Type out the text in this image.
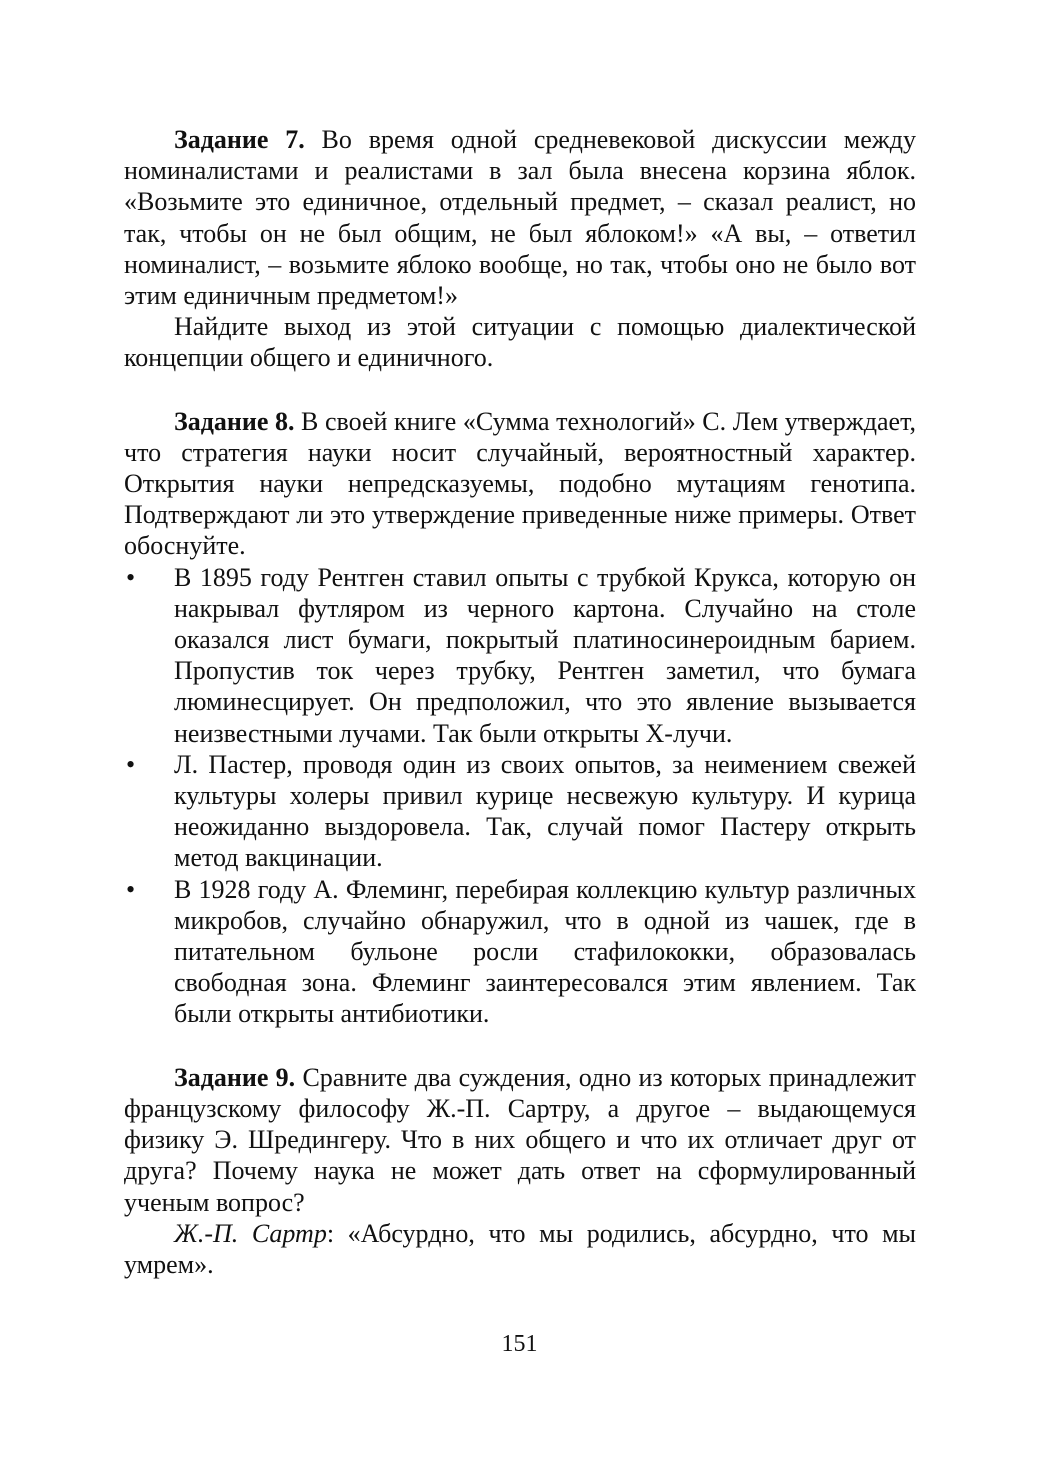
Задание 7. Во время одной средневековой дискуссии между номиналистами и реалистами в зал была внесена корзина яблок. «Возьмите это единичное, отдельный предмет, – сказал реалист, но так, чтобы он не был общим, не был яблоком!» «А вы, – ответил номиналист, – возьмите яблоко вообще, но так, чтобы оно не было вот этим единичным предметом!»

Найдите выход из этой ситуации с помощью диалектической концепции общего и единичного.

Задание 8. В своей книге «Сумма технологий» С. Лем утверждает, что стратегия науки носит случайный, вероятностный характер. Открытия науки непредсказуемы, подобно мутациям генотипа. Подтверждают ли это утверждение приведенные ниже примеры. Ответ обоснуйте.

• В 1895 году Рентген ставил опыты с трубкой Крукса, которую он накрывал футляром из черного картона. Случайно на столе оказался лист бумаги, покрытый платиносинероидным барием. Пропустив ток через трубку, Рентген заметил, что бумага люминесцирует. Он предположил, что это явление вызывается неизвестными лучами. Так были открыты X-лучи.
• Л. Пастер, проводя один из своих опытов, за неимением свежей культуры холеры привил курице несвежую культуру. И курица неожиданно выздоровела. Так, случай помог Пастеру открыть метод вакцинации.
• В 1928 году А. Флеминг, перебирая коллекцию культур различных микробов, случайно обнаружил, что в одной из чашек, где в питательном бульоне росли стафилококки, образовалась свободная зона. Флеминг заинтересовался этим явлением. Так были открыты антибиотики.

Задание 9. Сравните два суждения, одно из которых принадлежит французскому философу Ж.-П. Сартру, а другое – выдающемуся физику Э. Шредингеру. Что в них общего и что их отличает друг от друга? Почему наука не может дать ответ на сформулированный ученым вопрос?

Ж.-П. Сартр: «Абсурдно, что мы родились, абсурдно, что мы умрем».

151
